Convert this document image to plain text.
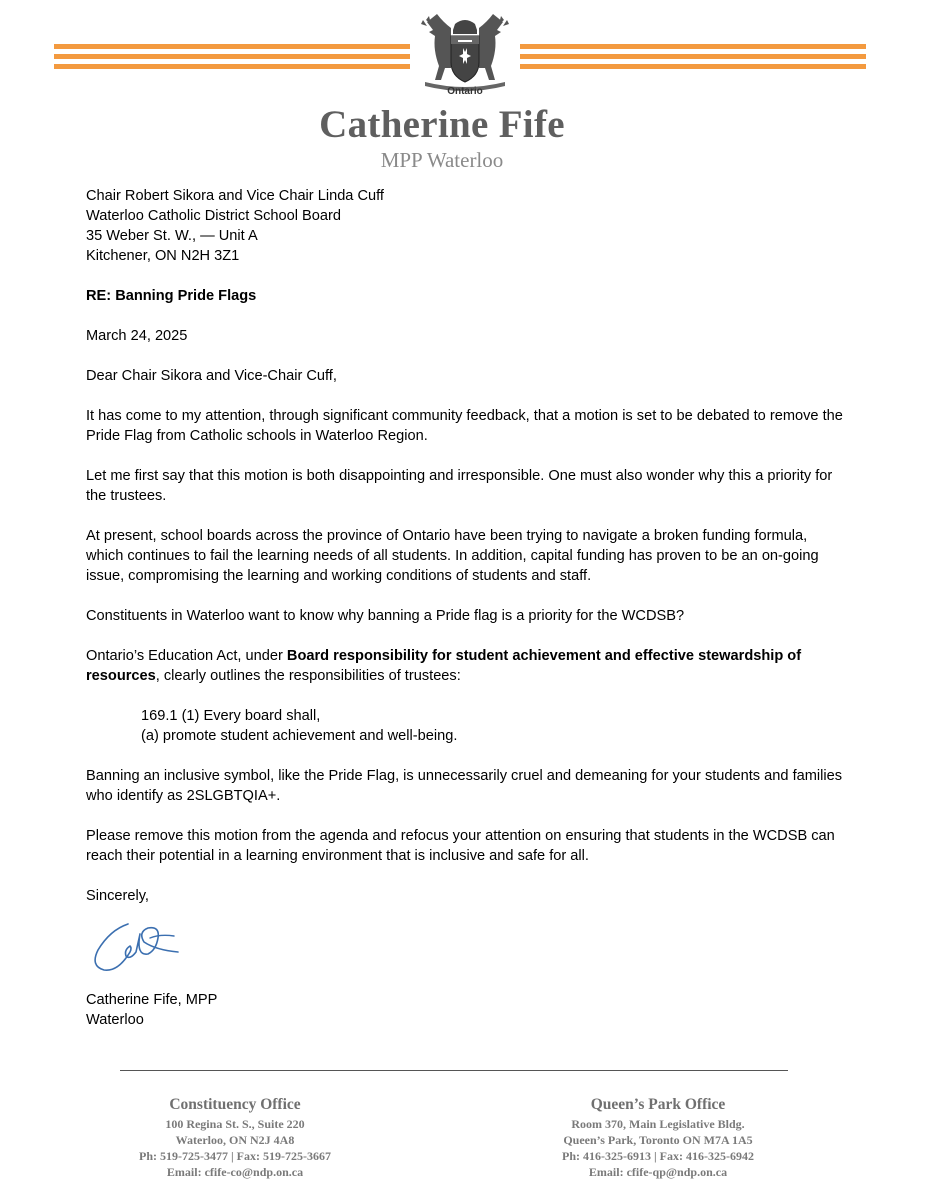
Ontario
Catherine Fife
MPP Waterloo

Chair Robert Sikora and Vice Chair Linda Cuff
Waterloo Catholic District School Board
35 Weber St. W., — Unit A
Kitchener, ON N2H 3Z1

RE: Banning Pride Flags

March 24, 2025

Dear Chair Sikora and Vice-Chair Cuff,

It has come to my attention, through significant community feedback, that a motion is set to be debated to remove the Pride Flag from Catholic schools in Waterloo Region.

Let me first say that this motion is both disappointing and irresponsible. One must also wonder why this a priority for the trustees.

At present, school boards across the province of Ontario have been trying to navigate a broken funding formula, which continues to fail the learning needs of all students. In addition, capital funding has proven to be an on-going issue, compromising the learning and working conditions of students and staff.

Constituents in Waterloo want to know why banning a Pride flag is a priority for the WCDSB?

Ontario’s Education Act, under Board responsibility for student achievement and effective stewardship of resources, clearly outlines the responsibilities of trustees:

169.1 (1) Every board shall,
(a) promote student achievement and well-being.

Banning an inclusive symbol, like the Pride Flag, is unnecessarily cruel and demeaning for your students and families who identify as 2SLGBTQIA+.

Please remove this motion from the agenda and refocus your attention on ensuring that students in the WCDSB can reach their potential in a learning environment that is inclusive and safe for all.

Sincerely,

Catherine Fife, MPP
Waterloo
Constituency Office
100 Regina St. S., Suite 220
Waterloo, ON N2J 4A8
Ph: 519-725-3477 | Fax: 519-725-3667
Email: cfife-co@ndp.on.ca
Queen’s Park Office
Room 370, Main Legislative Bldg.
Queen’s Park, Toronto ON M7A 1A5
Ph: 416-325-6913 | Fax: 416-325-6942
Email: cfife-qp@ndp.on.ca
